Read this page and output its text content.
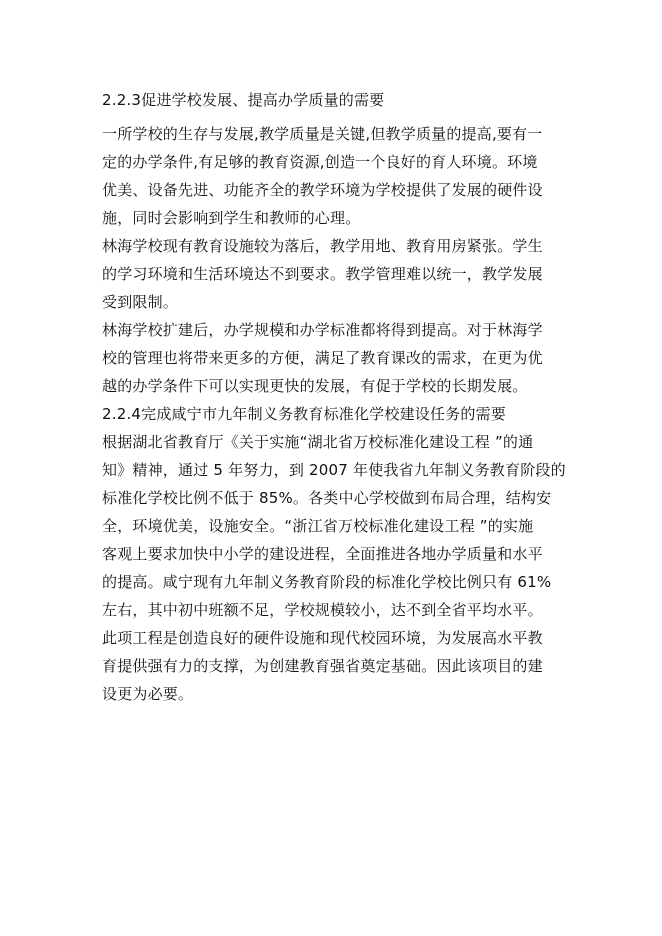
2.2.3促进学校发展、提高办学质量的需要
一所学校的生存与发展,教学质量是关键,但教学质量的提高,要有一
定的办学条件,有足够的教育资源,创造一个良好的育人环境。环境
优美、设备先进、功能齐全的教学环境为学校提供了发展的硬件设
施，同时会影响到学生和教师的心理。
林海学校现有教育设施较为落后，教学用地、教育用房紧张。学生
的学习环境和生活环境达不到要求。教学管理难以统一，教学发展
受到限制。
林海学校扩建后，办学规模和办学标准都将得到提高。对于林海学
校的管理也将带来更多的方便，满足了教育课改的需求，在更为优
越的办学条件下可以实现更快的发展，有促于学校的长期发展。
2.2.4完成咸宁市九年制义务教育标准化学校建设任务的需要
根据湖北省教育厅《关于实施“湖北省万校标准化建设工程 ”的通
知》精神，通过 5 年努力，到 2007 年使我省九年制义务教育阶段的
标准化学校比例不低于 85%。各类中心学校做到布局合理，结构安
全，环境优美，设施安全。“浙江省万校标准化建设工程 ”的实施
客观上要求加快中小学的建设进程，全面推进各地办学质量和水平
的提高。咸宁现有九年制义务教育阶段的标准化学校比例只有 61%
左右，其中初中班额不足，学校规模较小，达不到全省平均水平。
此项工程是创造良好的硬件设施和现代校园环境，为发展高水平教
育提供强有力的支撑，为创建教育强省奠定基础。因此该项目的建
设更为必要。
